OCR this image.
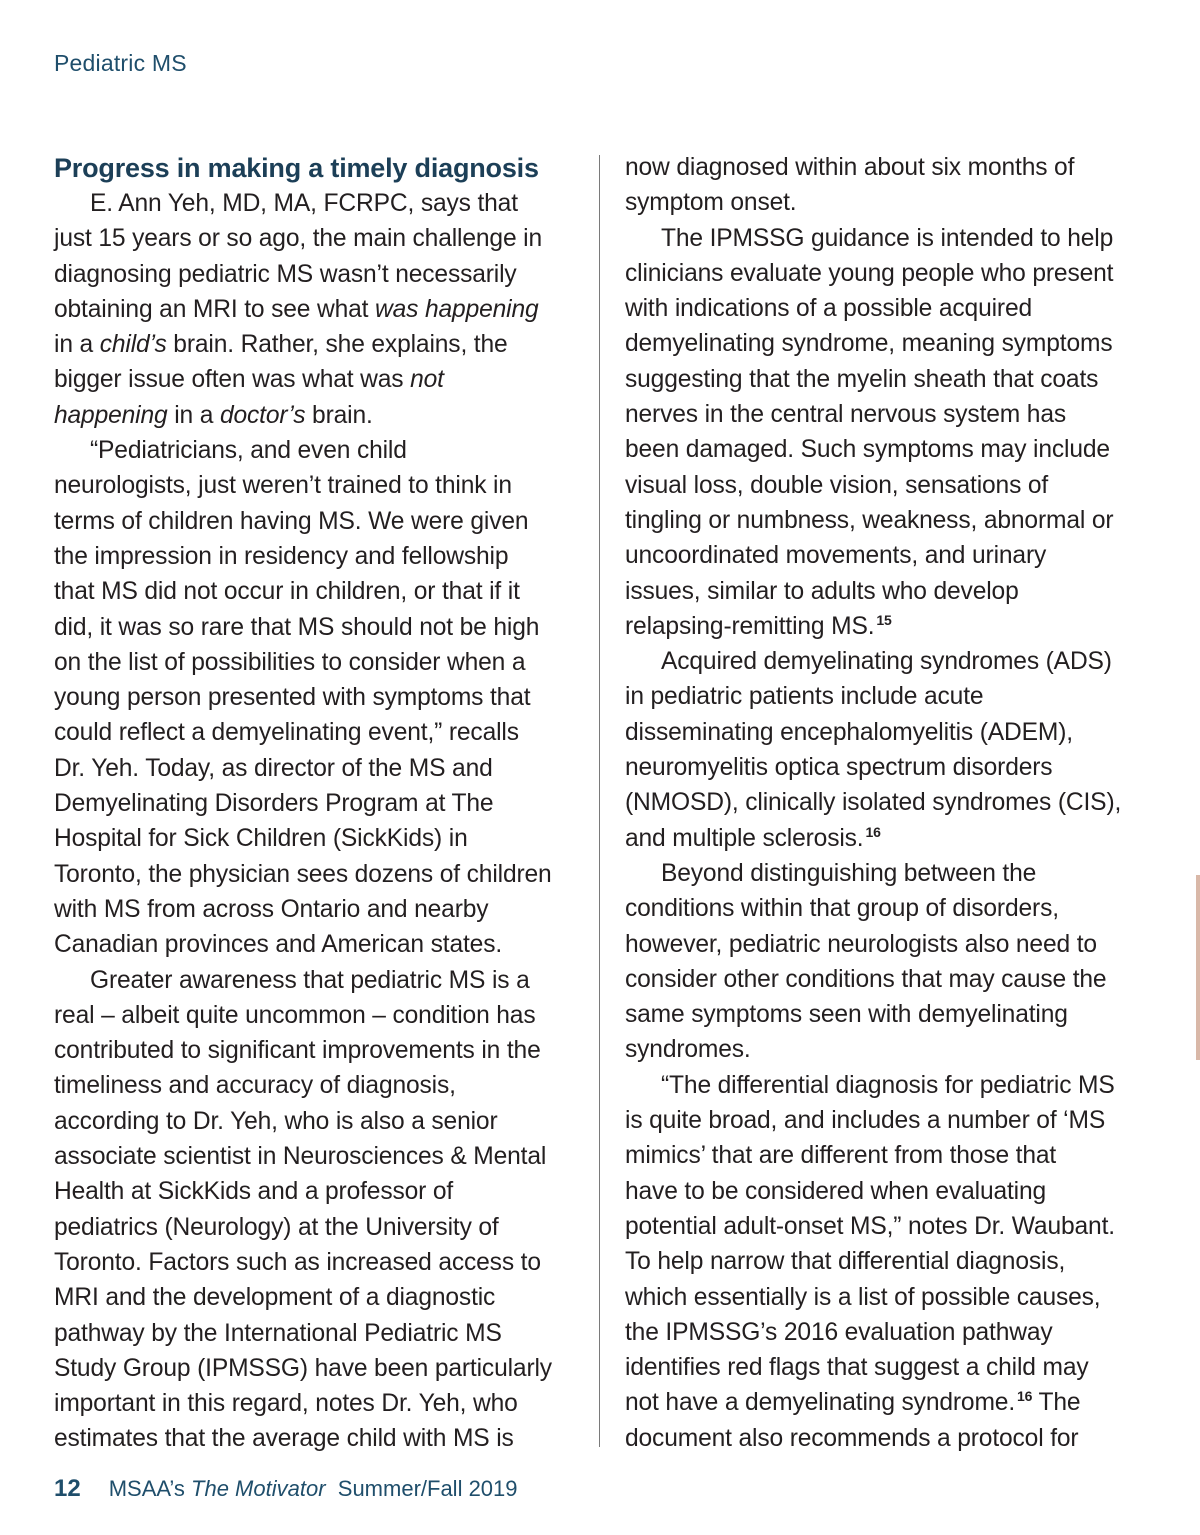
Pediatric MS
Progress in making a timely diagnosis
E. Ann Yeh, MD, MA, FCRPC, says that
just 15 years or so ago, the main challenge in
diagnosing pediatric MS wasn’t necessarily
obtaining an MRI to see what was happening
in a child’s brain. Rather, she explains, the
bigger issue often was what was not
happening in a doctor’s brain.
“Pediatricians, and even child
neurologists, just weren’t trained to think in
terms of children having MS. We were given
the impression in residency and fellowship
that MS did not occur in children, or that if it
did, it was so rare that MS should not be high
on the list of possibilities to consider when a
young person presented with symptoms that
could reflect a demyelinating event,” recalls
Dr. Yeh. Today, as director of the MS and
Demyelinating Disorders Program at The
Hospital for Sick Children (SickKids) in
Toronto, the physician sees dozens of children
with MS from across Ontario and nearby
Canadian provinces and American states.
Greater awareness that pediatric MS is a
real – albeit quite uncommon – condition has
contributed to significant improvements in the
timeliness and accuracy of diagnosis,
according to Dr. Yeh, who is also a senior
associate scientist in Neurosciences & Mental
Health at SickKids and a professor of
pediatrics (Neurology) at the University of
Toronto. Factors such as increased access to
MRI and the development of a diagnostic
pathway by the International Pediatric MS
Study Group (IPMSSG) have been particularly
important in this regard, notes Dr. Yeh, who
estimates that the average child with MS is
now diagnosed within about six months of
symptom onset.
The IPMSSG guidance is intended to help
clinicians evaluate young people who present
with indications of a possible acquired
demyelinating syndrome, meaning symptoms
suggesting that the myelin sheath that coats
nerves in the central nervous system has
been damaged. Such symptoms may include
visual loss, double vision, sensations of
tingling or numbness, weakness, abnormal or
uncoordinated movements, and urinary
issues, similar to adults who develop
relapsing-remitting MS. $^{15}$
Acquired demyelinating syndromes (ADS)
in pediatric patients include acute
disseminating encephalomyelitis (ADEM),
neuromyelitis optica spectrum disorders
(NMOSD), clinically isolated syndromes (CIS),
and multiple sclerosis. $^{16}$
Beyond distinguishing between the
conditions within that group of disorders,
however, pediatric neurologists also need to
consider other conditions that may cause the
same symptoms seen with demyelinating
syndromes.
“The differential diagnosis for pediatric MS
is quite broad, and includes a number of ‘MS
mimics’ that are different from those that
have to be considered when evaluating
potential adult-onset MS,” notes Dr. Waubant.
To help narrow that differential diagnosis,
which essentially is a list of possible causes,
the IPMSSG’s 2016 evaluation pathway
identifies red flags that suggest a child may
not have a demyelinating syndrome. $^{16}$ The
document also recommends a protocol for
12 MSAA’s The Motivator Summer/Fall 2019
